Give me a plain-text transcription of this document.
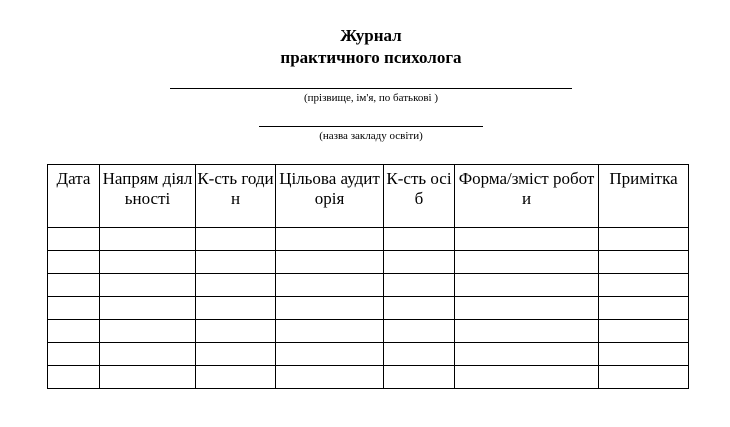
Журнал
практичного психолога
(прізвище, ім'я, по батькові )
(назва закладу освіти)
Дата	Напрям діяльності	К-сть годин	Цільова аудиторія	К-сть осіб	Форма/зміст роботи	Примітка
